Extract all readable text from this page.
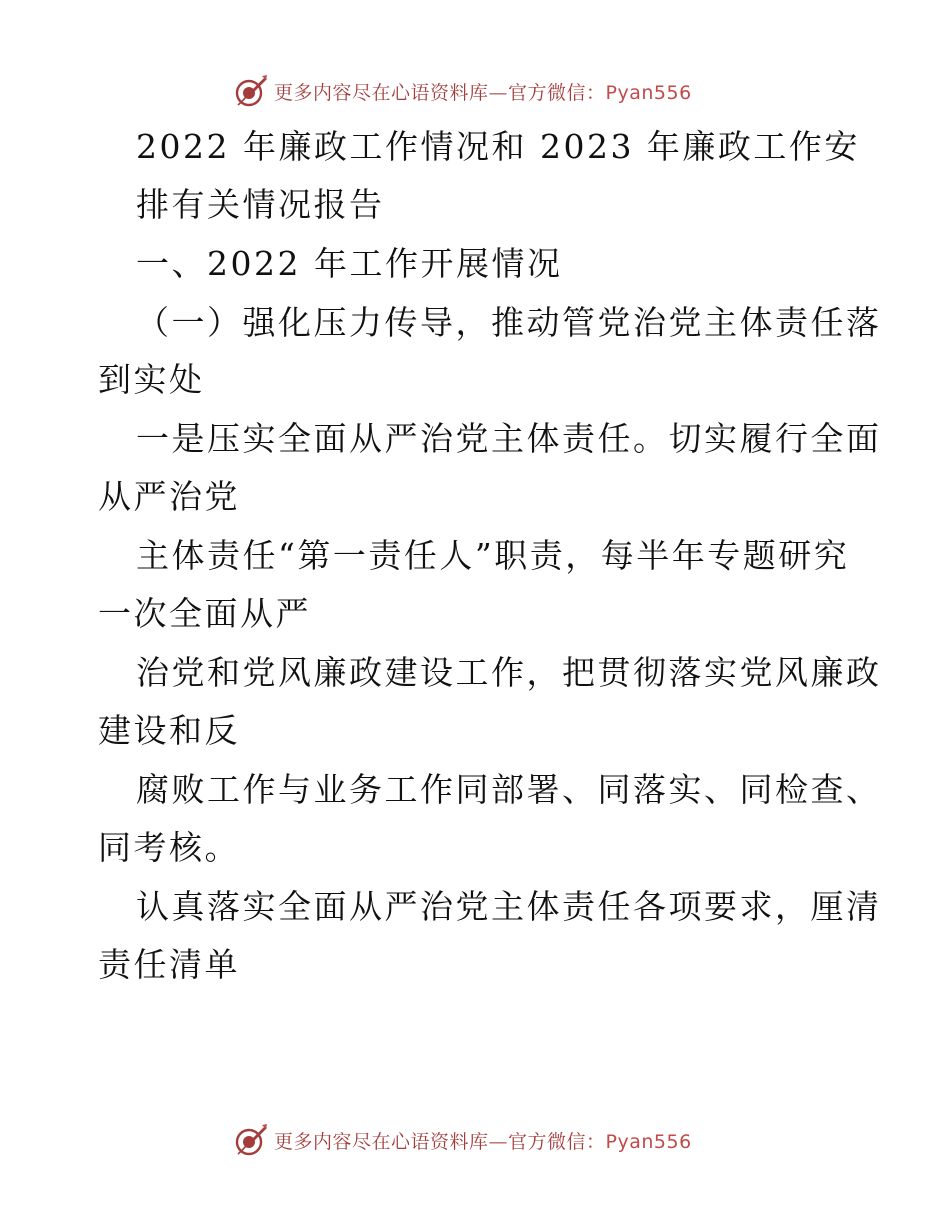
更多内容尽在心语资料库—官方微信：Pyan556
2022 年廉政工作情况和 2023 年廉政工作安
排有关情况报告
一、2022 年工作开展情况
（一）强化压力传导，推动管党治党主体责任落
到实处
一是压实全面从严治党主体责任。切实履行全面
从严治党
主体责任“第一责任人”职责，每半年专题研究
一次全面从严
治党和党风廉政建设工作，把贯彻落实党风廉政
建设和反
腐败工作与业务工作同部署、同落实、同检查、
同考核。
认真落实全面从严治党主体责任各项要求，厘清
责任清单
更多内容尽在心语资料库—官方微信：Pyan556
